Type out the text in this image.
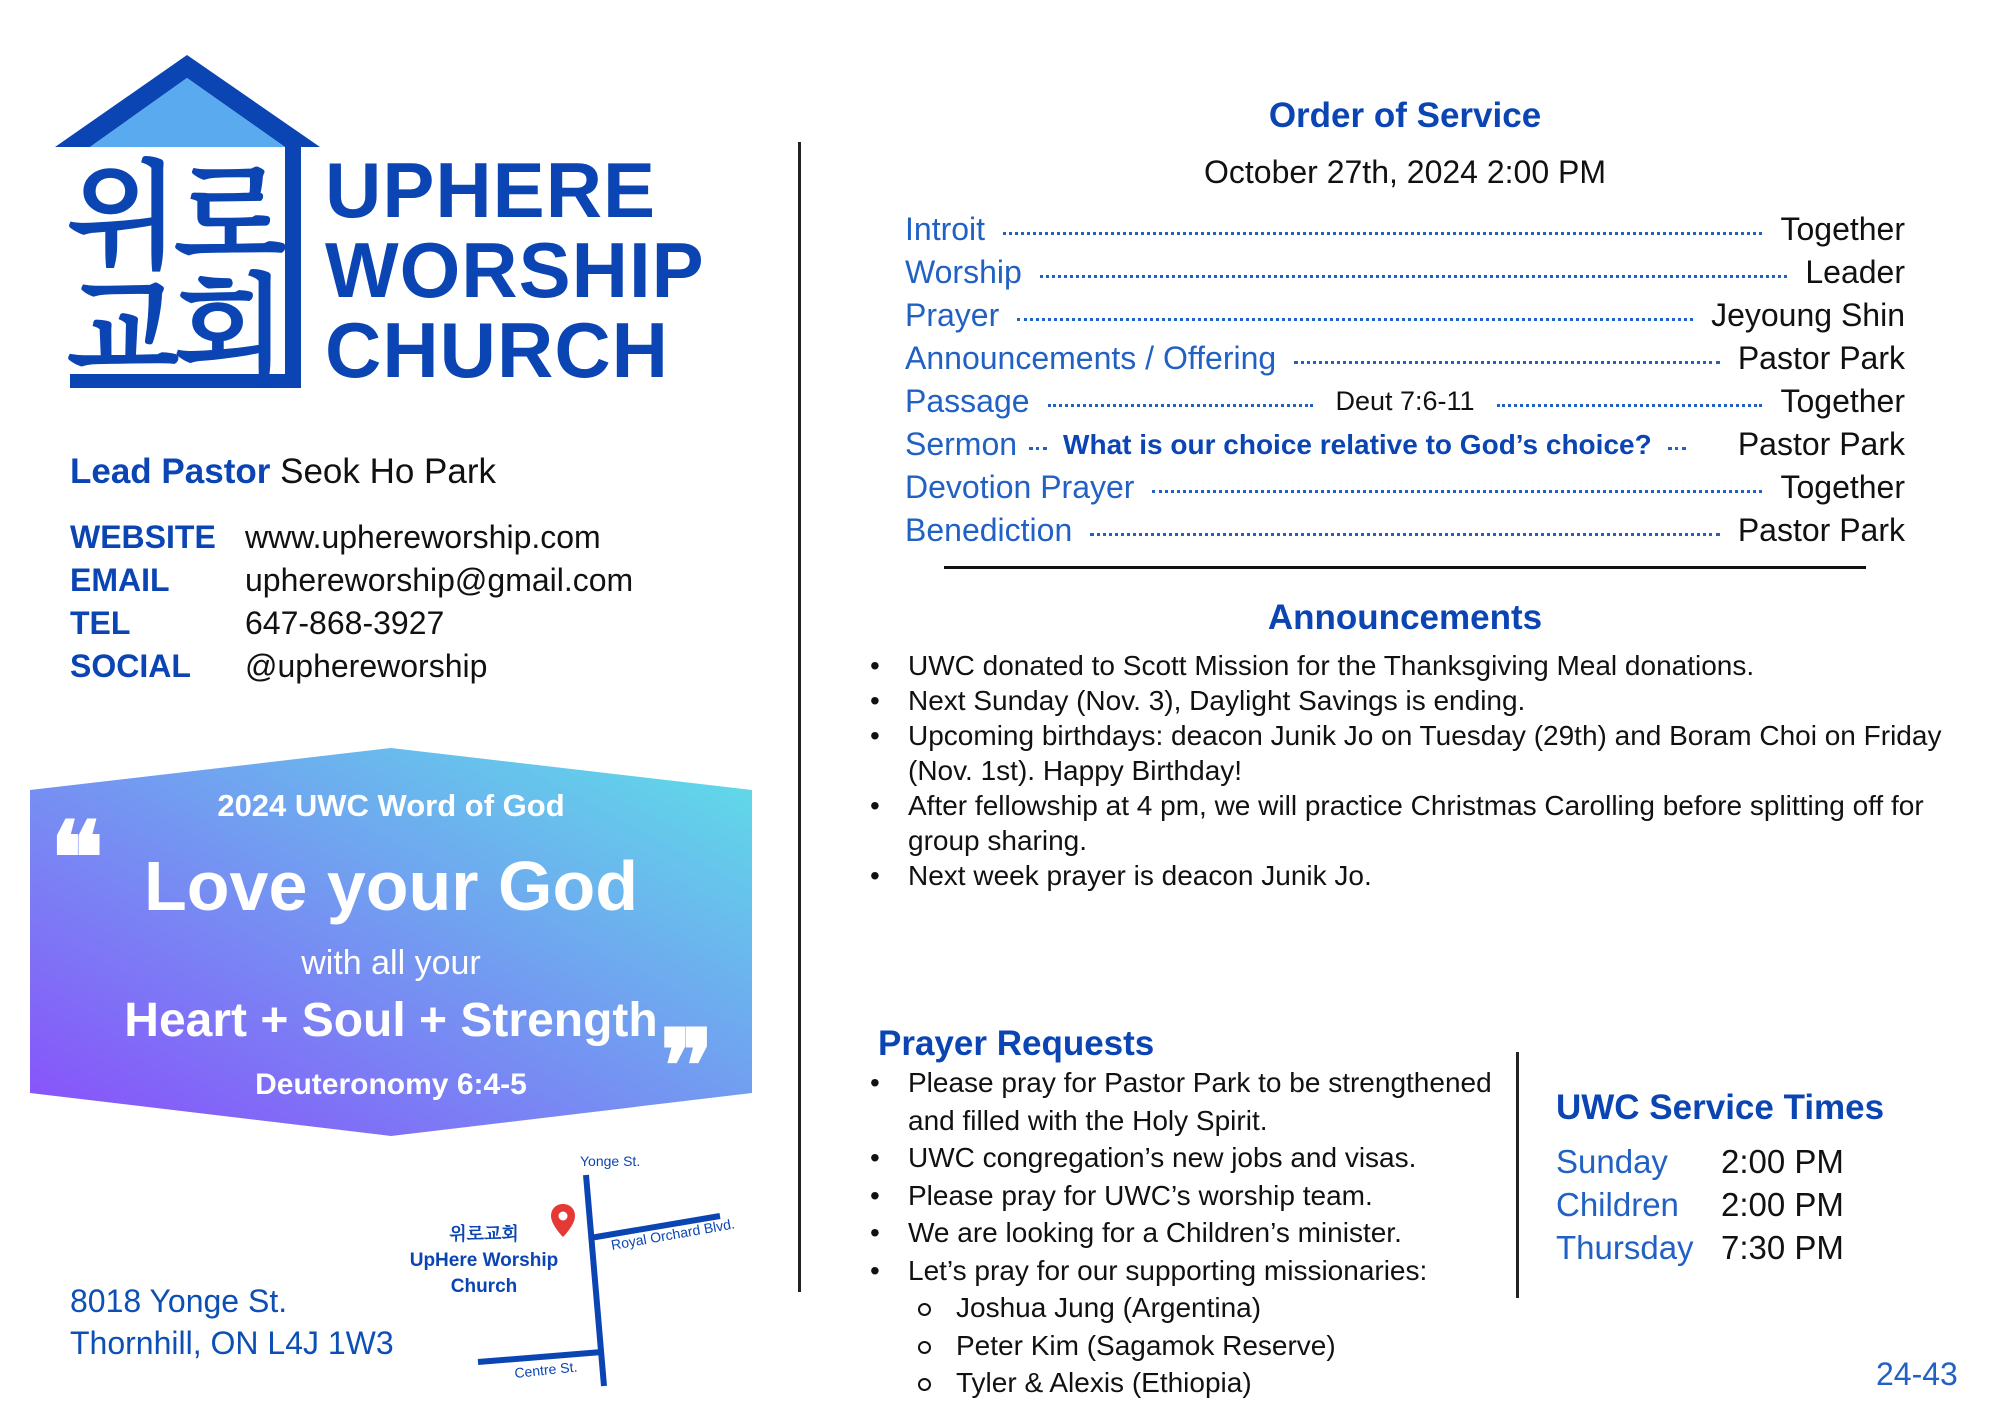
위
로
교
회
UPHERE
WORSHIP
CHURCH
Lead Pastor Seok Ho Park
WEBSITE www.uphereworship.com
EMAIL	uphereworship@gmail.com
TEL	647-868-3927
SOCIAL	@uphereworship
2024 UWC Word of God
Love your God
with all your
Heart + Soul + Strength
Deuteronomy 6:4-5
❝
❞
Yonge St.
Royal Orchard Blvd.
Centre St.
위로교회
UpHere Worship
Church
8018 Yonge St.
Thornhill, ON L4J 1W3
Order of Service
October 27th, 2024 2:00 PM
Introit	Together
Worship	Leader
Prayer	Jeyoung Shin
Announcements / Offering	Pastor Park
Passage	Deut 7:6-11	Together
Sermon What is our choice relative to God’s choice?	Pastor Park
Devotion Prayer	Together
Benediction	Pastor Park
Announcements
• UWC donated to Scott Mission for the Thanksgiving Meal donations.
• Next Sunday (Nov. 3), Daylight Savings is ending.
• Upcoming birthdays: deacon Junik Jo on Tuesday (29th) and Boram Choi on Friday (Nov. 1st). Happy Birthday!
• After fellowship at 4 pm, we will practice Christmas Carolling before splitting off for group sharing.
• Next week prayer is deacon Junik Jo.
Prayer Requests
• Please pray for Pastor Park to be strengthened and filled with the Holy Spirit.
• UWC congregation’s new jobs and visas.
• Please pray for UWC’s worship team.
• We are looking for a Children’s minister.
• Let’s pray for our supporting missionaries:
Joshua Jung (Argentina)
Peter Kim (Sagamok Reserve)
Tyler & Alexis (Ethiopia)
UWC Service Times
Sunday	2:00 PM
Children	2:00 PM
Thursday 7:30 PM
24-43
